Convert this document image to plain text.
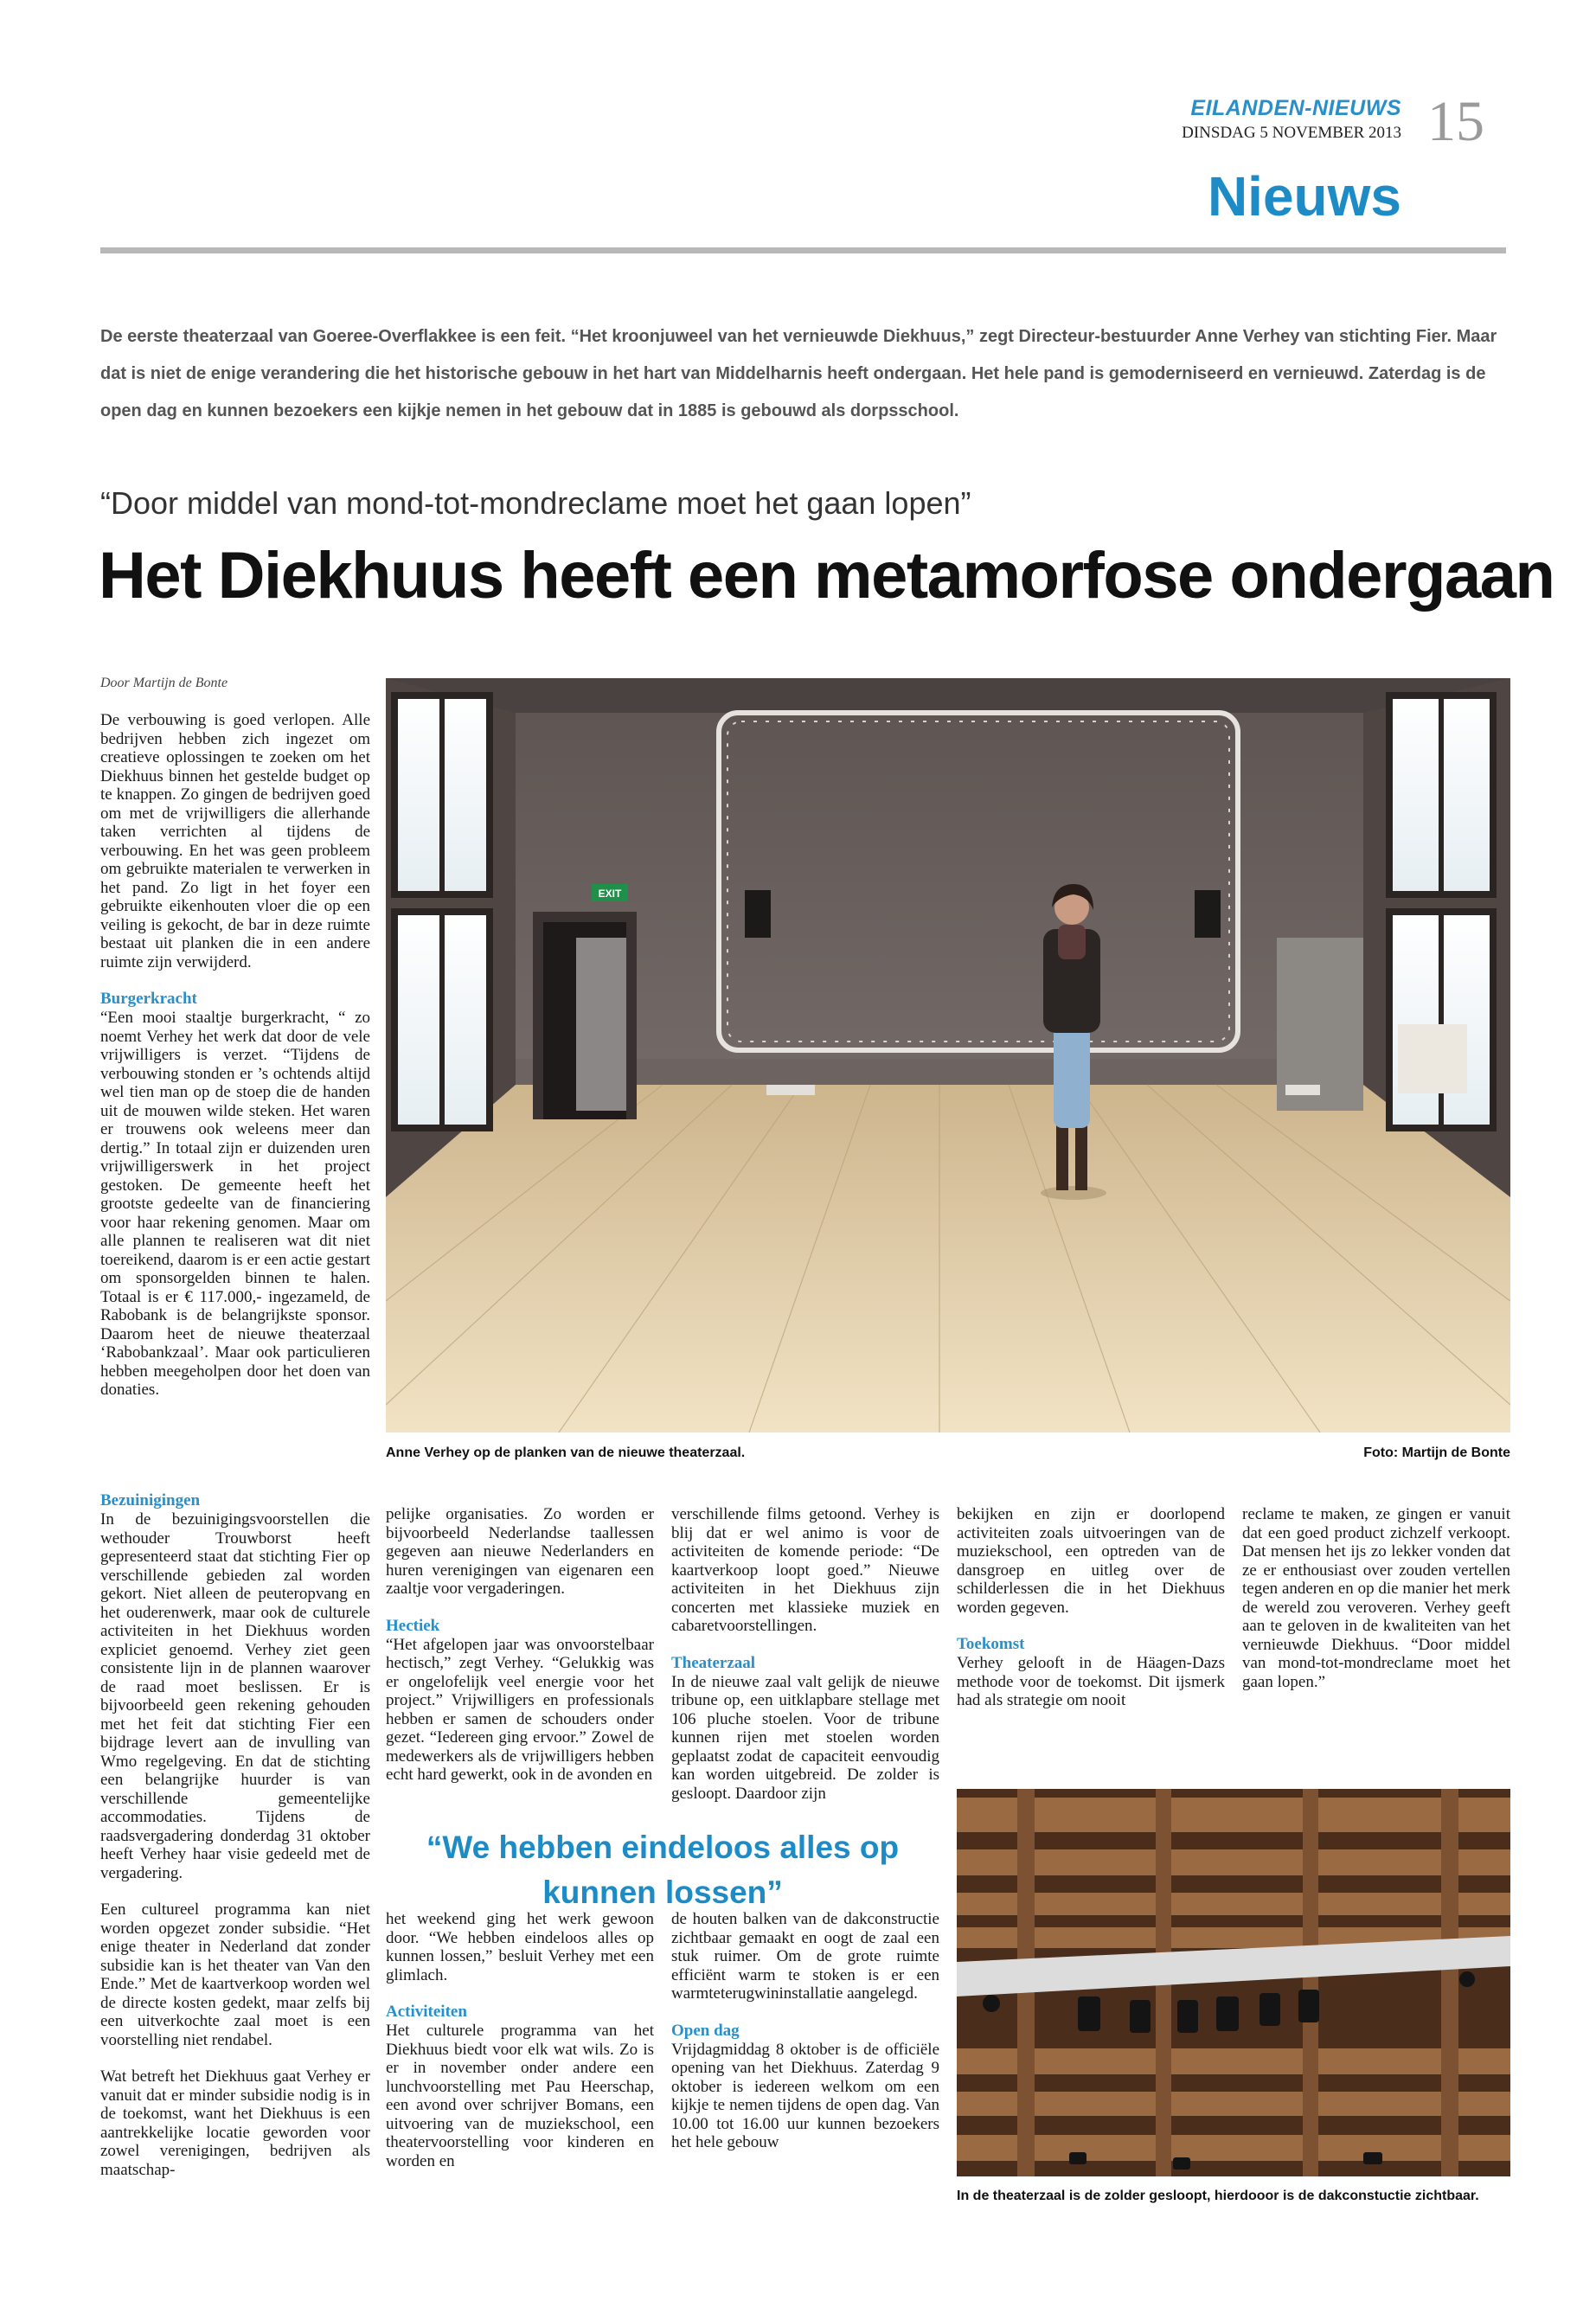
EILANDEN-NIEUWS
DINSDAG 5 NOVEMBER 2013 15
Nieuws
De eerste theaterzaal van Goeree-Overflakkee is een feit. “Het kroonjuweel van het vernieuwde Diekhuus,” zegt Directeur-bestuurder Anne Verhey van stichting Fier. Maar dat is niet de enige verandering die het historische gebouw in het hart van Middelharnis heeft ondergaan. Het hele pand is gemoderniseerd en vernieuwd. Zaterdag is de open dag en kunnen bezoekers een kijkje nemen in het gebouw dat in 1885 is gebouwd als dorpsschool.
“Door middel van mond-tot-mondreclame moet het gaan lopen”
Het Diekhuus heeft een metamorfose ondergaan
Door Martijn de Bonte

De verbouwing is goed verlopen. Alle bedrijven hebben zich ingezet om creatieve oplossingen te zoeken om het Diekhuus binnen het gestelde budget op te knappen. Zo gingen de bedrijven goed om met de vrijwilligers die allerhande taken verrichten al tijdens de verbouwing. En het was geen probleem om gebruikte materialen te verwerken in het pand. Zo ligt in het foyer een gebruikte eikenhouten vloer die op een veiling is gekocht, de bar in deze ruimte bestaat uit planken die in een andere ruimte zijn verwijderd.

Burgerkracht

“Een mooi staaltje burgerkracht, “ zo noemt Verhey het werk dat door de vele vrijwilligers is verzet. “Tijdens de verbouwing stonden er ’s ochtends altijd wel tien man op de stoep die de handen uit de mouwen wilde steken. Het waren er trouwens ook weleens meer dan dertig.” In totaal zijn er duizenden uren vrijwilligerswerk in het project gestoken. De gemeente heeft het grootste gedeelte van de financiering voor haar rekening genomen. Maar om alle plannen te realiseren wat dit niet toereikend, daarom is er een actie gestart om sponsorgelden binnen te halen. Totaal is er € 117.000,- ingezameld, de Rabobank is de belangrijkste sponsor. Daarom heet de nieuwe theaterzaal ‘Rabobankzaal’. Maar ook particulieren hebben meegeholpen door het doen van donaties.

Bezuinigingen

In de bezuinigingsvoorstellen die wethouder Trouwborst heeft gepresenteerd staat dat stichting Fier op verschillende gebieden zal worden gekort. Niet alleen de peuteropvang en het ouderenwerk, maar ook de culturele activiteiten in het Diekhuus worden expliciet genoemd. Verhey ziet geen consistente lijn in de plannen waarover de raad moet beslissen. Er is bijvoorbeeld geen rekening gehouden met het feit dat stichting Fier een bijdrage levert aan de invulling van Wmo regelgeving. En dat de stichting een belangrijke huurder is van verschillende gemeentelijke accommodaties. Tijdens de raadsvergadering donderdag 31 oktober heeft Verhey haar visie gedeeld met de vergadering.

Een cultureel programma kan niet worden opgezet zonder subsidie. “Het enige theater in Nederland dat zonder subsidie kan is het theater van Van den Ende.” Met de kaartverkoop worden wel de directe kosten gedekt, maar zelfs bij een uitverkochte zaal moet is een voorstelling niet rendabel.

Wat betreft het Diekhuus gaat Verhey er vanuit dat er minder subsidie nodig is in de toekomst, want het Diekhuus is een aantrekkelijke locatie geworden voor zowel verenigingen, bedrijven als maatschap-

EXIT
Anne Verhey op de planken van de nieuwe theaterzaal.	Foto: Martijn de Bonte

pelijke organisaties. Zo worden er bijvoorbeeld Nederlandse taallessen gegeven aan nieuwe Nederlanders en huren verenigingen van eigenaren een zaaltje voor vergaderingen.

Hectiek

“Het afgelopen jaar was onvoorstelbaar hectisch,” zegt Verhey. “Gelukkig was er ongelofelijk veel energie voor het project.” Vrijwilligers en professionals hebben er samen de schouders onder gezet. “Iedereen ging ervoor.” Zowel de medewerkers als de vrijwilligers hebben echt hard gewerkt, ook in de avonden en

het weekend ging het werk gewoon door. “We hebben eindeloos alles op kunnen lossen,” besluit Verhey met een glimlach.

Activiteiten

Het culturele programma van het Diekhuus biedt voor elk wat wils. Zo is er in november onder andere een lunchvoorstelling met Pau Heerschap, een avond over schrijver Bomans, een uitvoering van de muziekschool, een theatervoorstelling voor kinderen en worden en

verschillende films getoond. Verhey is blij dat er wel animo is voor de activiteiten de komende periode: “De kaartverkoop loopt goed.” Nieuwe activiteiten in het Diekhuus zijn concerten met klassieke muziek en cabaretvoorstellingen.

Theaterzaal

In de nieuwe zaal valt gelijk de nieuwe tribune op, een uitklapbare stellage met 106 pluche stoelen. Voor de tribune kunnen rijen met stoelen worden geplaatst zodat de capaciteit eenvoudig kan worden uitgebreid. De zolder is gesloopt. Daardoor zijn

de houten balken van de dakconstructie zichtbaar gemaakt en oogt de zaal een stuk ruimer. Om de grote ruimte efficiënt warm te stoken is er een warmteterugwininstallatie aangelegd.

Open dag

Vrijdagmiddag 8 oktober is de officiële opening van het Diekhuus. Zaterdag 9 oktober is iedereen welkom om een kijkje te nemen tijdens de open dag. Van 10.00 tot 16.00 uur kunnen bezoekers het hele gebouw

“We hebben eindeloos alles op kunnen lossen”

bekijken en zijn er doorlopend activiteiten zoals uitvoeringen van de muziekschool, een optreden van de dansgroep en uitleg over de schilderlessen die in het Diekhuus worden gegeven.

Toekomst

Verhey gelooft in de Häagen-Dazs methode voor de toekomst. Dit ijsmerk had als strategie om nooit

reclame te maken, ze gingen er vanuit dat een goed product zichzelf verkoopt. Dat mensen het ijs zo lekker vonden dat ze er enthousiast over zouden vertellen tegen anderen en op die manier het merk de wereld zou veroveren. Verhey geeft aan te geloven in de kwaliteiten van het vernieuwde Diekhuus. “Door middel van mond-tot-mondreclame moet het gaan lopen.”

In de theaterzaal is de zolder gesloopt, hierdooor is de dakconstuctie zichtbaar.
